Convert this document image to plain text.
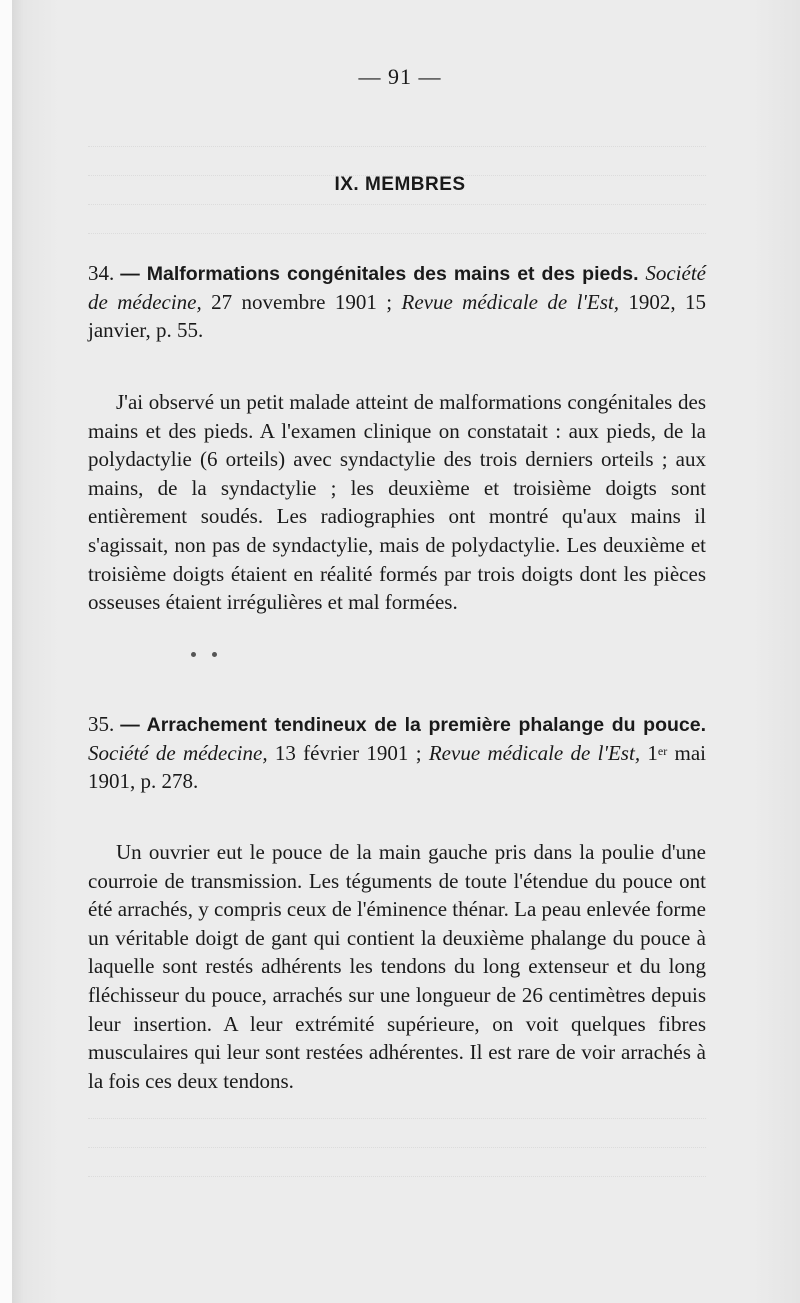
— 91 —
IX. MEMBRES
34. — Malformations congénitales des mains et des pieds. Société de médecine, 27 novembre 1901 ; Revue médicale de l'Est, 1902, 15 janvier, p. 55.
J'ai observé un petit malade atteint de malformations congénitales des mains et des pieds. A l'examen clinique on constatait : aux pieds, de la polydactylie (6 orteils) avec syndactylie des trois derniers orteils ; aux mains, de la syndactylie ; les deuxième et troisième doigts sont entièrement soudés. Les radiographies ont montré qu'aux mains il s'agissait, non pas de syndactylie, mais de polydactylie. Les deuxième et troisième doigts étaient en réalité formés par trois doigts dont les pièces osseuses étaient irrégulières et mal formées.
35. — Arrachement tendineux de la première phalange du pouce. Société de médecine, 13 février 1901 ; Revue médicale de l'Est, 1er mai 1901, p. 278.
Un ouvrier eut le pouce de la main gauche pris dans la poulie d'une courroie de transmission. Les téguments de toute l'étendue du pouce ont été arrachés, y compris ceux de l'éminence thénar. La peau enlevée forme un véritable doigt de gant qui contient la deuxième phalange du pouce à laquelle sont restés adhérents les tendons du long extenseur et du long fléchisseur du pouce, arrachés sur une longueur de 26 centimètres depuis leur insertion. A leur extrémité supérieure, on voit quelques fibres musculaires qui leur sont restées adhérentes. Il est rare de voir arrachés à la fois ces deux tendons.
